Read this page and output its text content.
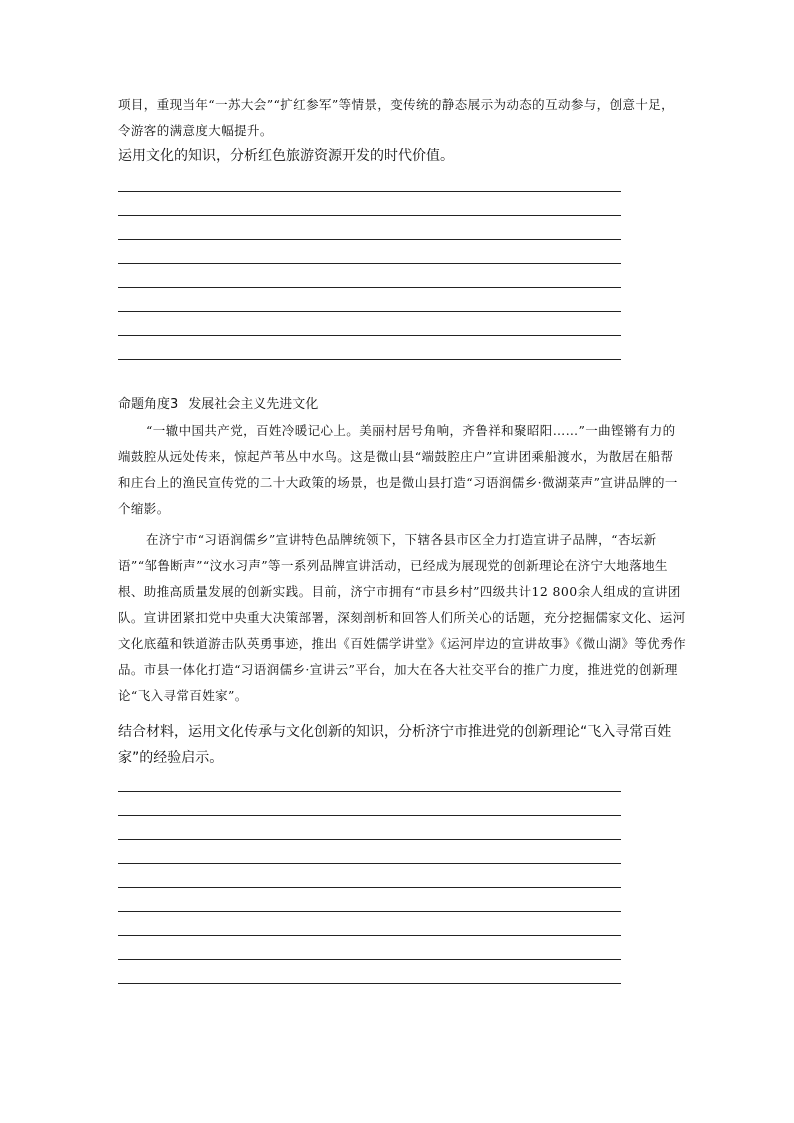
项目，重现当年“一苏大会”“扩红参军”等情景，变传统的静态展示为动态的互动参与，创意十足，令游客的满意度大幅提升。

运用文化的知识，分析红色旅游资源开发的时代价值。

命题角度3 发展社会主义先进文化

“一辙中国共产党，百姓冷暖记心上。美丽村居号角响，齐鲁祥和聚昭阳……”一曲铿锵有力的端鼓腔从远处传来，惊起芦苇丛中水鸟。这是微山县“端鼓腔庄户”宣讲团乘船渡水，为散居在船帮和庄台上的渔民宣传党的二十大政策的场景，也是微山县打造“习语润儒乡·微湖菜声”宣讲品牌的一个缩影。

在济宁市“习语润儒乡”宣讲特色品牌统领下，下辖各县市区全力打造宣讲子品牌，“杏坛新语”“邹鲁断声”“汶水习声”等一系列品牌宣讲活动，已经成为展现党的创新理论在济宁大地落地生根、助推高质量发展的创新实践。目前，济宁市拥有“市县乡村”四级共计12 800余人组成的宣讲团队。宣讲团紧扣党中央重大决策部署，深刻剖析和回答人们所关心的话题，充分挖掘儒家文化、运河文化底蕴和铁道游击队英勇事迹，推出《百姓儒学讲堂》《运河岸边的宣讲故事》《微山湖》等优秀作品。市县一体化打造“习语润儒乡·宣讲云”平台，加大在各大社交平台的推广力度，推进党的创新理论“飞入寻常百姓家”。

结合材料，运用文化传承与文化创新的知识，分析济宁市推进党的创新理论“飞入寻常百姓家”的经验启示。
